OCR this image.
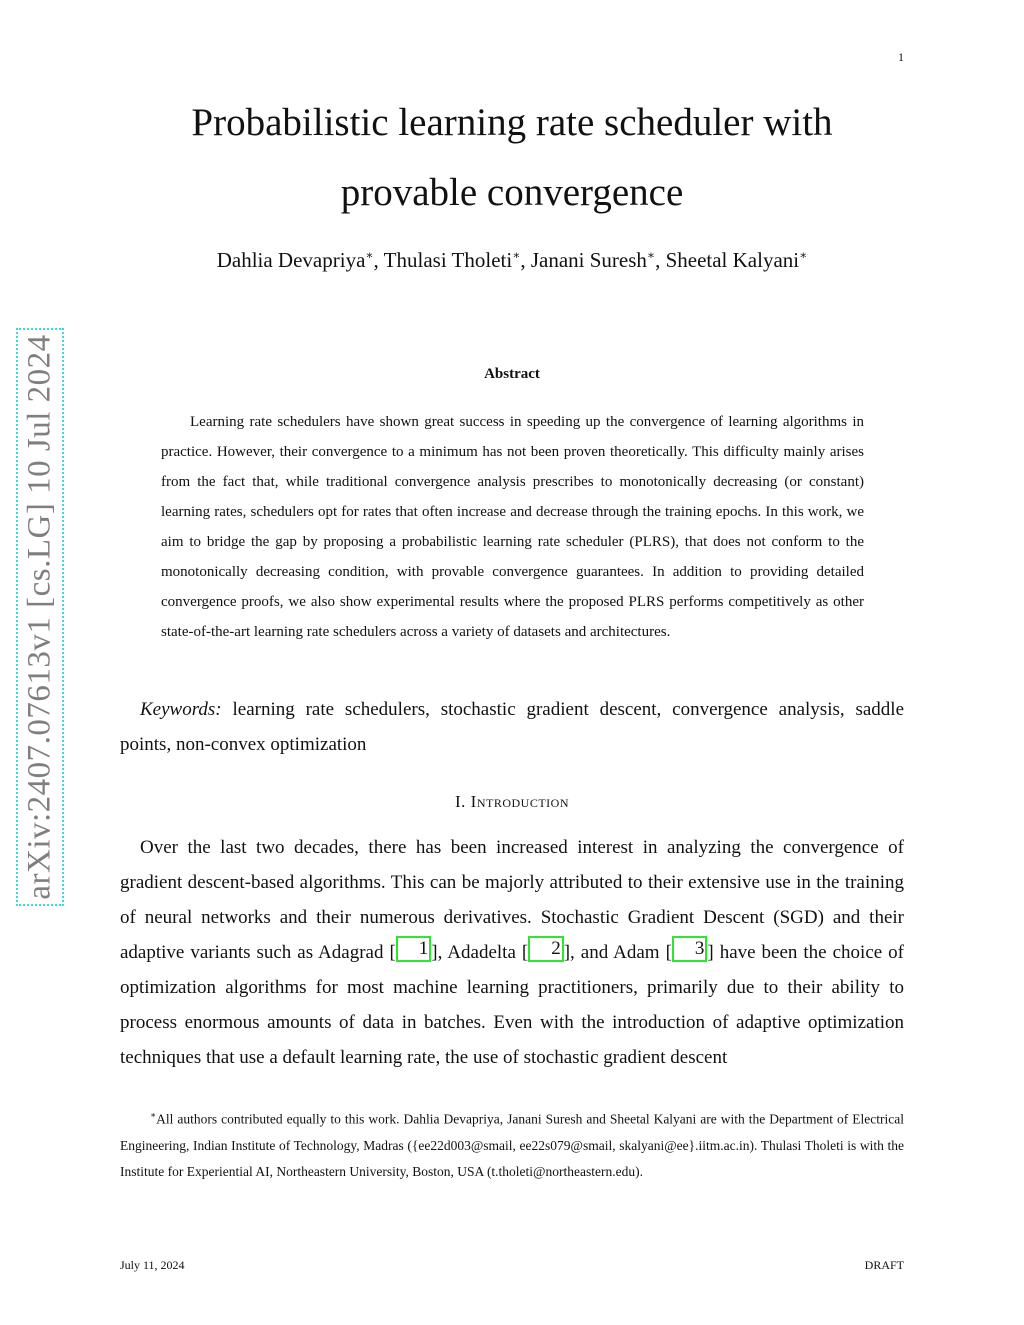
1
Probabilistic learning rate scheduler with provable convergence
Dahlia Devapriya∗, Thulasi Tholeti∗, Janani Suresh∗, Sheetal Kalyani∗
arXiv:2407.07613v1 [cs.LG] 10 Jul 2024	Abstract

Learning rate schedulers have shown great success in speeding up the convergence of learning algorithms in practice. However, their convergence to a minimum has not been proven theoretically. This difficulty mainly arises from the fact that, while traditional convergence analysis prescribes to monotonically decreasing (or constant) learning rates, schedulers opt for rates that often increase and decrease through the training epochs. In this work, we aim to bridge the gap by proposing a probabilistic learning rate scheduler (PLRS), that does not conform to the monotonically decreasing condition, with provable convergence guarantees. In addition to providing detailed convergence proofs, we also show experimental results where the proposed PLRS performs competitively as other state-of-the-art learning rate schedulers across a variety of datasets and architectures.

Keywords: learning rate schedulers, stochastic gradient descent, convergence analysis, saddle points, non-convex optimization

I. Introduction

Over the last two decades, there has been increased interest in analyzing the convergence of gradient descent-based algorithms. This can be majorly attributed to their extensive use in the training of neural networks and their numerous derivatives. Stochastic Gradient Descent (SGD) and their adaptive variants such as Adagrad [ 1 ], Adadelta [ 2 ], and Adam [ 3 ] have been the choice of optimization algorithms for most machine learning practitioners, primarily due to their ability to process enormous amounts of data in batches. Even with the introduction of adaptive optimization techniques that use a default learning rate, the use of stochastic gradient descent

∗All authors contributed equally to this work. Dahlia Devapriya, Janani Suresh and Sheetal Kalyani are with the Department of Electrical Engineering, Indian Institute of Technology, Madras ({ee22d003@smail, ee22s079@smail, skalyani@ee}.iitm.ac.in). Thulasi Tholeti is with the Institute for Experiential AI, Northeastern University, Boston, USA (t.tholeti@northeastern.edu).

July 11, 2024	DRAFT
